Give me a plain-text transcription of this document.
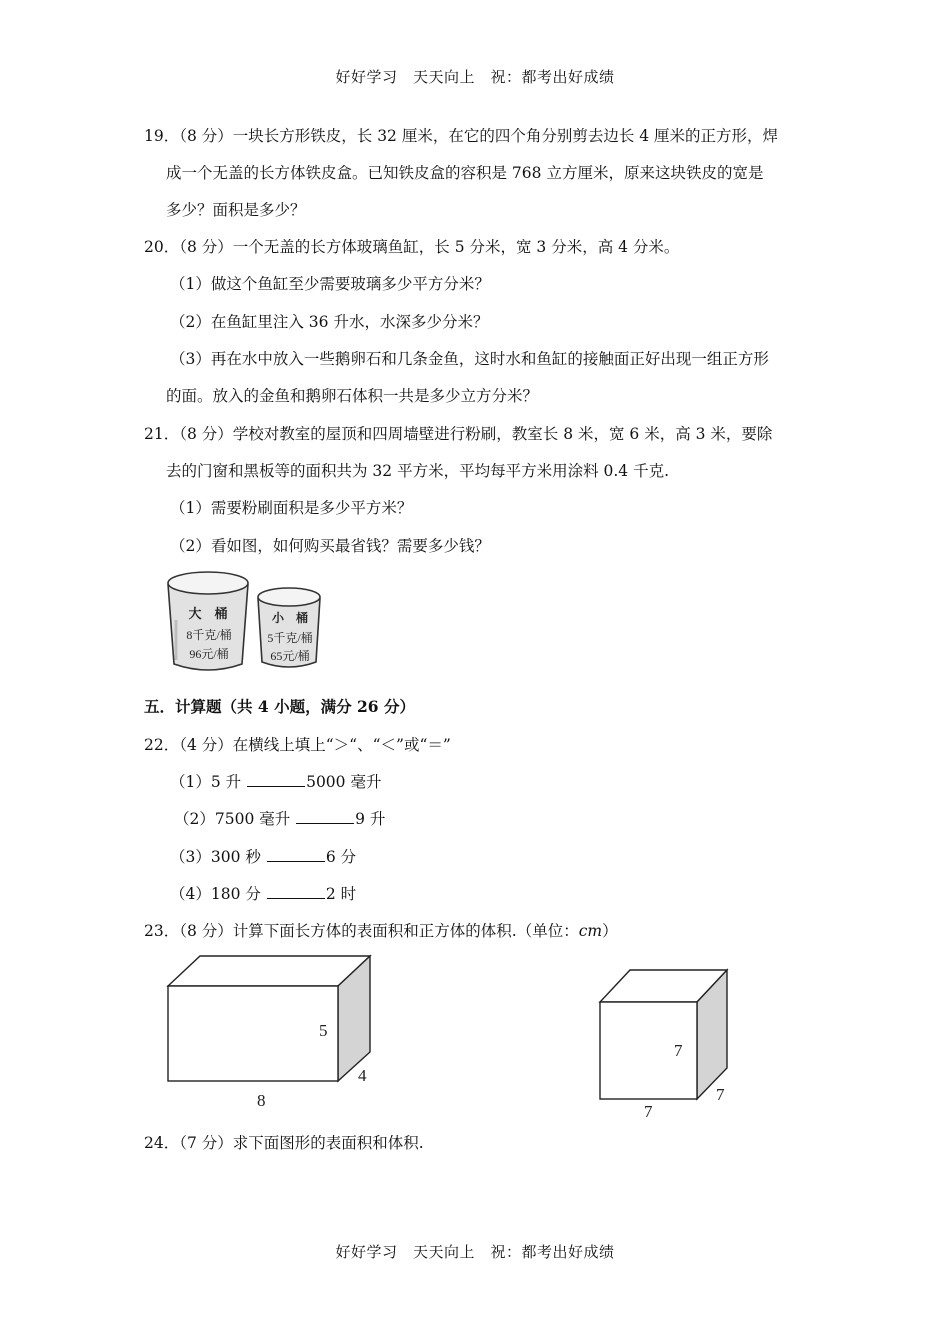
好好学习　天天向上　祝：都考出好成绩
19．（8 分）一块长方形铁皮，长 32 厘米，在它的四个角分别剪去边长 4 厘米的正方形，焊
成一个无盖的长方体铁皮盒。已知铁皮盒的容积是 768 立方厘米，原来这块铁皮的宽是
多少？面积是多少？
20．（8 分）一个无盖的长方体玻璃鱼缸，长 5 分米，宽 3 分米，高 4 分米。
（1）做这个鱼缸至少需要玻璃多少平方分米？
（2）在鱼缸里注入 36 升水，水深多少分米？
（3）再在水中放入一些鹅卵石和几条金鱼，这时水和鱼缸的接触面正好出现一组正方形
的面。放入的金鱼和鹅卵石体积一共是多少立方分米？
21．（8 分）学校对教室的屋顶和四周墙壁进行粉刷，教室长 8 米，宽 6 米，高 3 米，要除
去的门窗和黑板等的面积共为 32 平方米，平均每平方米用涂料 0.4 千克.
（1）需要粉刷面积是多少平方米？
（2）看如图，如何购买最省钱？需要多少钱？
大　桶
8千克/桶
96元/桶
小　桶
5千克/桶
65元/桶
五．计算题（共 4 小题，满分 26 分）
22．（4 分）在横线上填上“＞“、“＜”或“＝”
（1）5 升	5000 毫升
（2）7500 毫升	9 升
（3）300 秒	6 分
（4）180 分	2 时
23．（8 分）计算下面长方体的表面积和正方体的体积.（单位：cm）
5
4
8
7
7
7
24．（7 分）求下面图形的表面积和体积.
好好学习　天天向上　祝：都考出好成绩
